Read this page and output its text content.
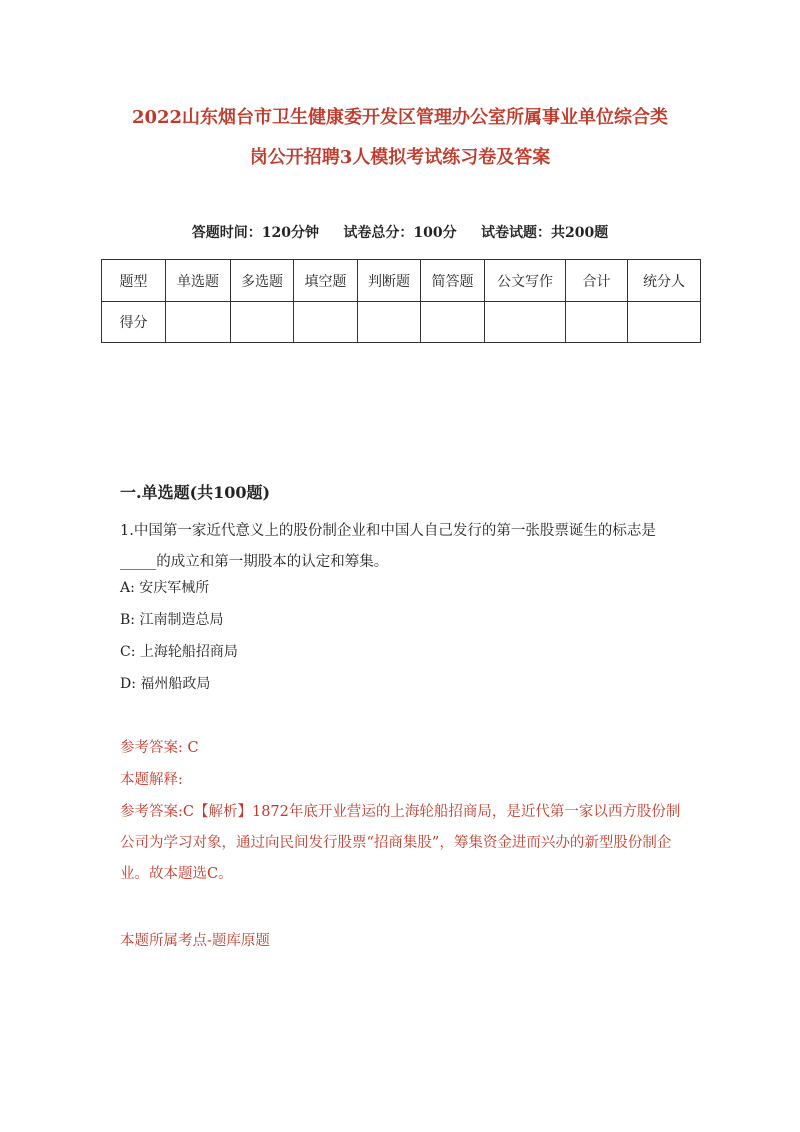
2022山东烟台市卫生健康委开发区管理办公室所属事业单位综合类
岗公开招聘3人模拟考试练习卷及答案
答题时间：120分钟     试卷总分：100分     试卷试题：共200题
题型	单选题	多选题	填空题	判断题	简答题	公文写作	合计	统分人
得分								
一.单选题(共100题)
1.中国第一家近代意义上的股份制企业和中国人自己发行的第一张股票诞生的标志是_____的成立和第一期股本的认定和筹集。
A: 安庆军械所
B: 江南制造总局
C: 上海轮船招商局
D: 福州船政局
参考答案: C
本题解释:
参考答案:C【解析】1872年底开业营运的上海轮船招商局，是近代第一家以西方股份制公司为学习对象，通过向民间发行股票“招商集股”，筹集资金进而兴办的新型股份制企业。故本题选C。
本题所属考点-题库原题
